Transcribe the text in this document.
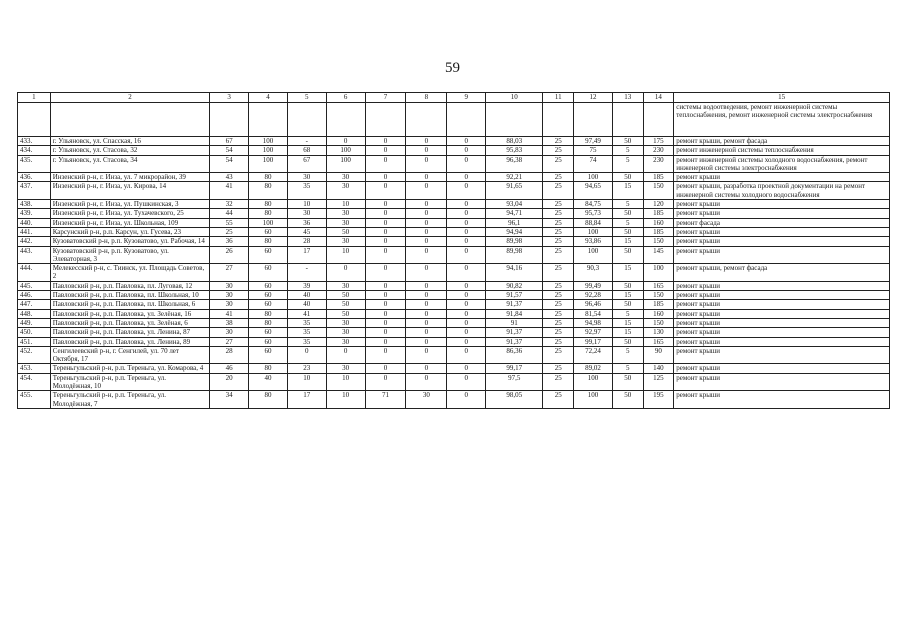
59
1	2	3	4	5	6	7	8	9	10	11	12	13	14	15
														системы водоотведения, ремонт инженерной системы теплоснабжения, ремонт инженерной системы электроснабжения
433.	г. Ульяновск, ул. Спасская, 16	67	100	-	0	0	0	0	88,03	25	97,49	50	175	ремонт крыши, ремонт фасада
434.	г. Ульяновск, ул. Стасова, 32	54	100	68	100	0	0	0	95,83	25	75	5	230	ремонт инженерной системы теплоснабжения
435.	г. Ульяновск, ул. Стасова, 34	54	100	67	100	0	0	0	96,38	25	74	5	230	ремонт инженерной системы холодного водоснабжения, ремонт инженерной системы электроснабжения
436.	Инзенский р-н, г. Инза, ул. 7 микрорайон, 39	43	80	30	30	0	0	0	92,21	25	100	50	185	ремонт крыши
437.	Инзенский р-н, г. Инза, ул. Кирова, 14	41	80	35	30	0	0	0	91,65	25	94,65	15	150	ремонт крыши, разработка проектной документации на ремонт инженерной системы холодного водоснабжения
438.	Инзенский р-н, г. Инза, ул. Пушкинская, 3	32	80	10	10	0	0	0	93,04	25	84,75	5	120	ремонт крыши
439.	Инзенский р-н, г. Инза, ул. Тухачевского, 25	44	80	30	30	0	0	0	94,71	25	95,73	50	185	ремонт крыши
440.	Инзенский р-н, г. Инза, ул. Школьная, 109	55	100	36	30	0	0	0	96,1	25	88,84	5	160	ремонт фасада
441.	Карсунский р-н, р.п. Карсун, ул. Гусева, 23	25	60	45	50	0	0	0	94,94	25	100	50	185	ремонт крыши
442.	Кузоватовский р-н, р.п. Кузоватово, ул. Рабочая, 14	36	80	28	30	0	0	0	89,98	25	93,86	15	150	ремонт крыши
443.	Кузоватовский р-н, р.п. Кузоватово, ул. Элеваторная, 3	26	60	17	10	0	0	0	89,98	25	100	50	145	ремонт крыши
444.	Мелекесский р-н, с. Тиинск, ул. Площадь Советов, 2	27	60	-	0	0	0	0	94,16	25	90,3	15	100	ремонт крыши, ремонт фасада
445.	Павловский р-н, р.п. Павловка, пл. Луговая, 12	30	60	39	30	0	0	0	90,82	25	99,49	50	165	ремонт крыши
446.	Павловский р-н, р.п. Павловка, пл. Школьная, 10	30	60	40	50	0	0	0	91,57	25	92,28	15	150	ремонт крыши
447.	Павловский р-н, р.п. Павловка, пл. Школьная, 6	30	60	40	50	0	0	0	91,37	25	96,46	50	185	ремонт крыши
448.	Павловский р-н, р.п. Павловка, ул. Зелёная, 16	41	80	41	50	0	0	0	91,84	25	81,54	5	160	ремонт крыши
449.	Павловский р-н, р.п. Павловка, ул. Зелёная, 6	38	80	35	30	0	0	0	91	25	94,98	15	150	ремонт крыши
450.	Павловский р-н, р.п. Павловка, ул. Ленина, 87	30	60	35	30	0	0	0	91,37	25	92,97	15	130	ремонт крыши
451.	Павловский р-н, р.п. Павловка, ул. Ленина, 89	27	60	35	30	0	0	0	91,37	25	99,17	50	165	ремонт крыши
452.	Сенгилеевский р-н, г. Сенгилей, ул. 70 лет Октября, 17	28	60	0	0	0	0	0	86,36	25	72,24	5	90	ремонт крыши
453.	Тереньгульский р-н, р.п. Тереньга, ул. Комарова, 4	46	80	23	30	0	0	0	99,17	25	89,02	5	140	ремонт крыши
454.	Тереньгульский р-н, р.п. Тереньга, ул. Молодёжная, 10	20	40	10	10	0	0	0	97,5	25	100	50	125	ремонт крыши
455.	Тереньгульский р-н, р.п. Тереньга, ул. Молодёжная, 7	34	80	17	10	71	30	0	98,05	25	100	50	195	ремонт крыши
